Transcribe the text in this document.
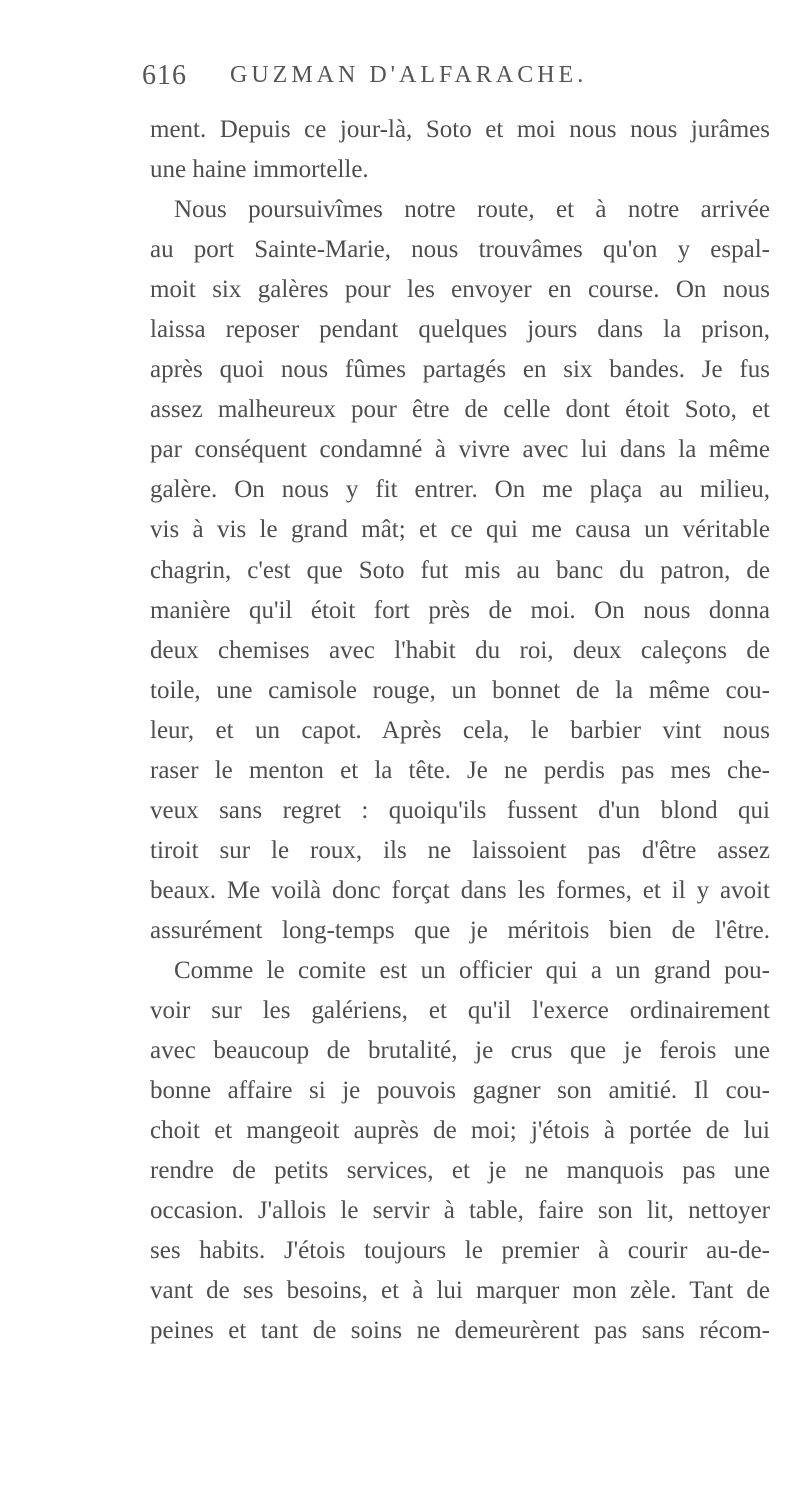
616 GUZMAN D'ALFARACHE.
ment. Depuis ce jour-là, Soto et moi nous nous jurâmes
une haine immortelle.
Nous poursuivîmes notre route, et à notre arrivée
au port Sainte-Marie, nous trouvâmes qu'on y espal-
moit six galères pour les envoyer en course. On nous
laissa reposer pendant quelques jours dans la prison,
après quoi nous fûmes partagés en six bandes. Je fus
assez malheureux pour être de celle dont étoit Soto, et
par conséquent condamné à vivre avec lui dans la même
galère. On nous y fit entrer. On me plaça au milieu,
vis à vis le grand mât; et ce qui me causa un véritable
chagrin, c'est que Soto fut mis au banc du patron, de
manière qu'il étoit fort près de moi. On nous donna
deux chemises avec l'habit du roi, deux caleçons de
toile, une camisole rouge, un bonnet de la même cou-
leur, et un capot. Après cela, le barbier vint nous
raser le menton et la tête. Je ne perdis pas mes che-
veux sans regret : quoiqu'ils fussent d'un blond qui
tiroit sur le roux, ils ne laissoient pas d'être assez
beaux. Me voilà donc forçat dans les formes, et il y avoit
assurément long-temps que je méritois bien de l'être.
Comme le comite est un officier qui a un grand pou-
voir sur les galériens, et qu'il l'exerce ordinairement
avec beaucoup de brutalité, je crus que je ferois une
bonne affaire si je pouvois gagner son amitié. Il cou-
choit et mangeoit auprès de moi; j'étois à portée de lui
rendre de petits services, et je ne manquois pas une
occasion. J'allois le servir à table, faire son lit, nettoyer
ses habits. J'étois toujours le premier à courir au-de-
vant de ses besoins, et à lui marquer mon zèle. Tant de
peines et tant de soins ne demeurèrent pas sans récom-
